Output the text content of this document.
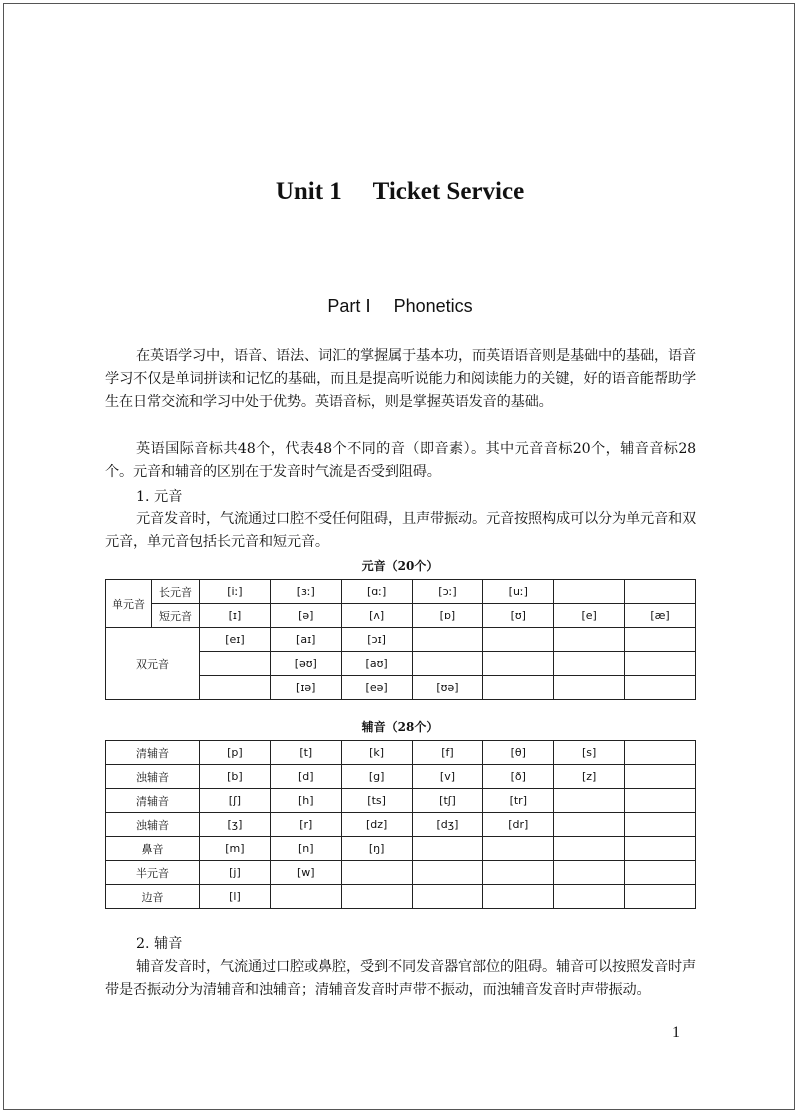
Unit 1  Ticket Service
Part Ⅰ  Phonetics
在英语学习中，语音、语法、词汇的掌握属于基本功，而英语语音则是基础中的基础，语音学习不仅是单词拼读和记忆的基础，而且是提高听说能力和阅读能力的关键，好的语音能帮助学生在日常交流和学习中处于优势。英语音标，则是掌握英语发音的基础。
英语国际音标共48个，代表48个不同的音（即音素）。其中元音音标20个，辅音音标28个。元音和辅音的区别在于发音时气流是否受到阻碍。
1. 元音
元音发音时，气流通过口腔不受任何阻碍，且声带振动。元音按照构成可以分为单元音和双元音，单元音包括长元音和短元音。
元音（20个）
单元音	长元音	[iː]	[ɜː]	[ɑː]	[ɔː]	[uː]		
	短元音	[ɪ]	[ə]	[ʌ]	[ɒ]	[ʊ]	[e]	[æ]
双元音		[eɪ]	[aɪ]	[ɔɪ]				
			[əʊ]	[aʊ]				
			[ɪə]	[eə]	[ʊə]			
辅音（28个）
清辅音	[p]	[t]	[k]	[f]	[θ]	[s]	
浊辅音	[b]	[d]	[g]	[v]	[ð]	[z]	
清辅音	[ʃ]	[h]	[ts]	[tʃ]	[tr]		
浊辅音	[ʒ]	[r]	[dz]	[dʒ]	[dr]		
鼻音	[m]	[n]	[ŋ]				
半元音	[j]	[w]					
边音	[l]						
2. 辅音
辅音发音时，气流通过口腔或鼻腔，受到不同发音器官部位的阻碍。辅音可以按照发音时声带是否振动分为清辅音和浊辅音；清辅音发音时声带不振动，而浊辅音发音时声带振动。
1
